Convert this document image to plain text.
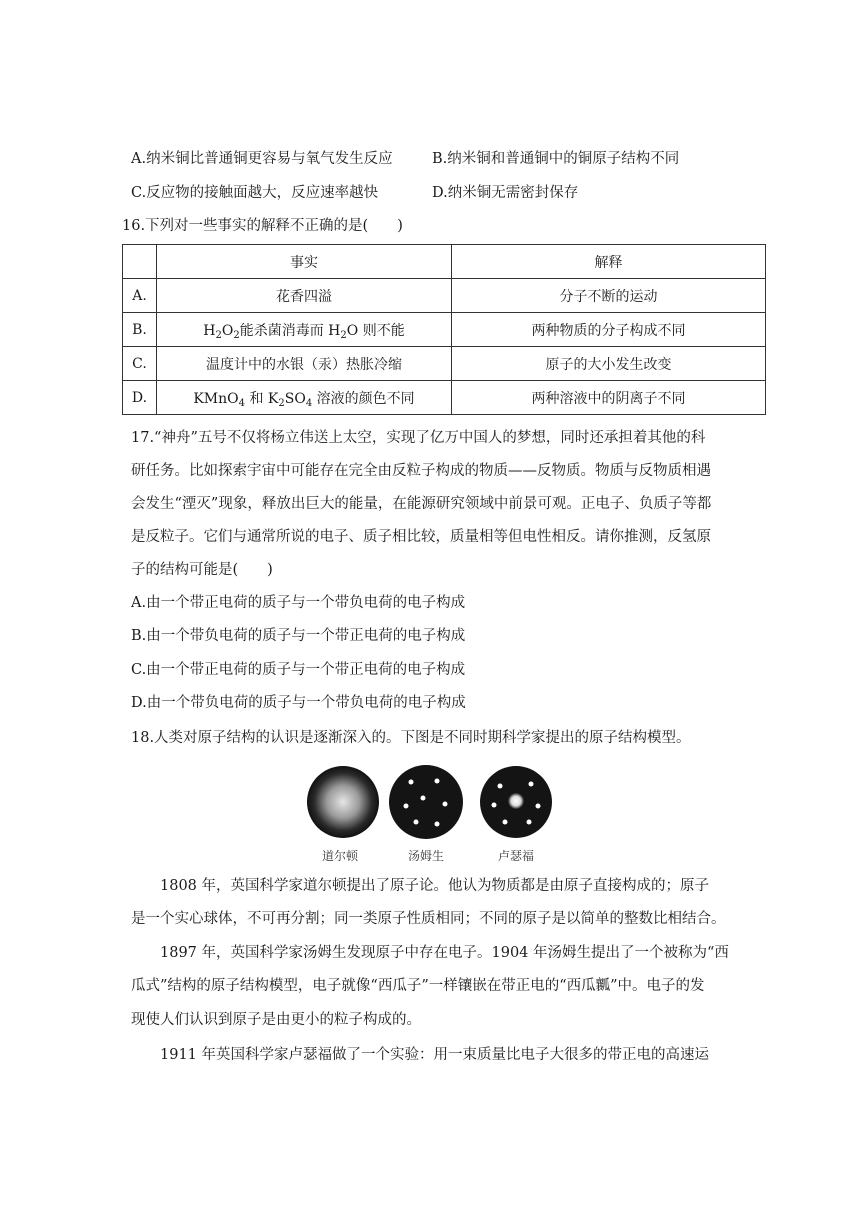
A.纳米铜比普通铜更容易与氧气发生反应	B.纳米铜和普通铜中的铜原子结构不同
C.反应物的接触面越大，反应速率越快	D.纳米铜无需密封保存
16.下列对一些事实的解释不正确的是(　　)
	事实	解释
A.	花香四溢	分子不断的运动
B.	$H_2O_2$能杀菌消毒而 $H_2O$ 则不能	两种物质的分子构成不同
C.	温度计中的水银（汞）热胀冷缩	原子的大小发生改变
D.	KMnO$_4$ 和 $K_2SO_4$ 溶液的颜色不同	两种溶液中的阴离子不同
17.“神舟”五号不仅将杨立伟送上太空，实现了亿万中国人的梦想，同时还承担着其他的科
研任务。比如探索宇宙中可能存在完全由反粒子构成的物质——反物质。物质与反物质相遇
会发生“湮灭”现象，释放出巨大的能量，在能源研究领域中前景可观。正电子、负质子等都
是反粒子。它们与通常所说的电子、质子相比较，质量相等但电性相反。请你推测，反氢原
子的结构可能是(　　)
A.由一个带正电荷的质子与一个带负电荷的电子构成
B.由一个带负电荷的质子与一个带正电荷的电子构成
C.由一个带正电荷的质子与一个带正电荷的电子构成
D.由一个带负电荷的质子与一个带负电荷的电子构成
18.人类对原子结构的认识是逐渐深入的。下图是不同时期科学家提出的原子结构模型。
道尔顿	汤姆生	卢瑟福
　　1808 年，英国科学家道尔顿提出了原子论。他认为物质都是由原子直接构成的；原子
是一个实心球体，不可再分割；同一类原子性质相同；不同的原子是以简单的整数比相结合。
　　1897 年，英国科学家汤姆生发现原子中存在电子。1904 年汤姆生提出了一个被称为“西
瓜式”结构的原子结构模型，电子就像“西瓜子”一样镶嵌在带正电的“西瓜瓤”中。电子的发
现使人们认识到原子是由更小的粒子构成的。
　　1911 年英国科学家卢瑟福做了一个实验：用一束质量比电子大很多的带正电的高速运
